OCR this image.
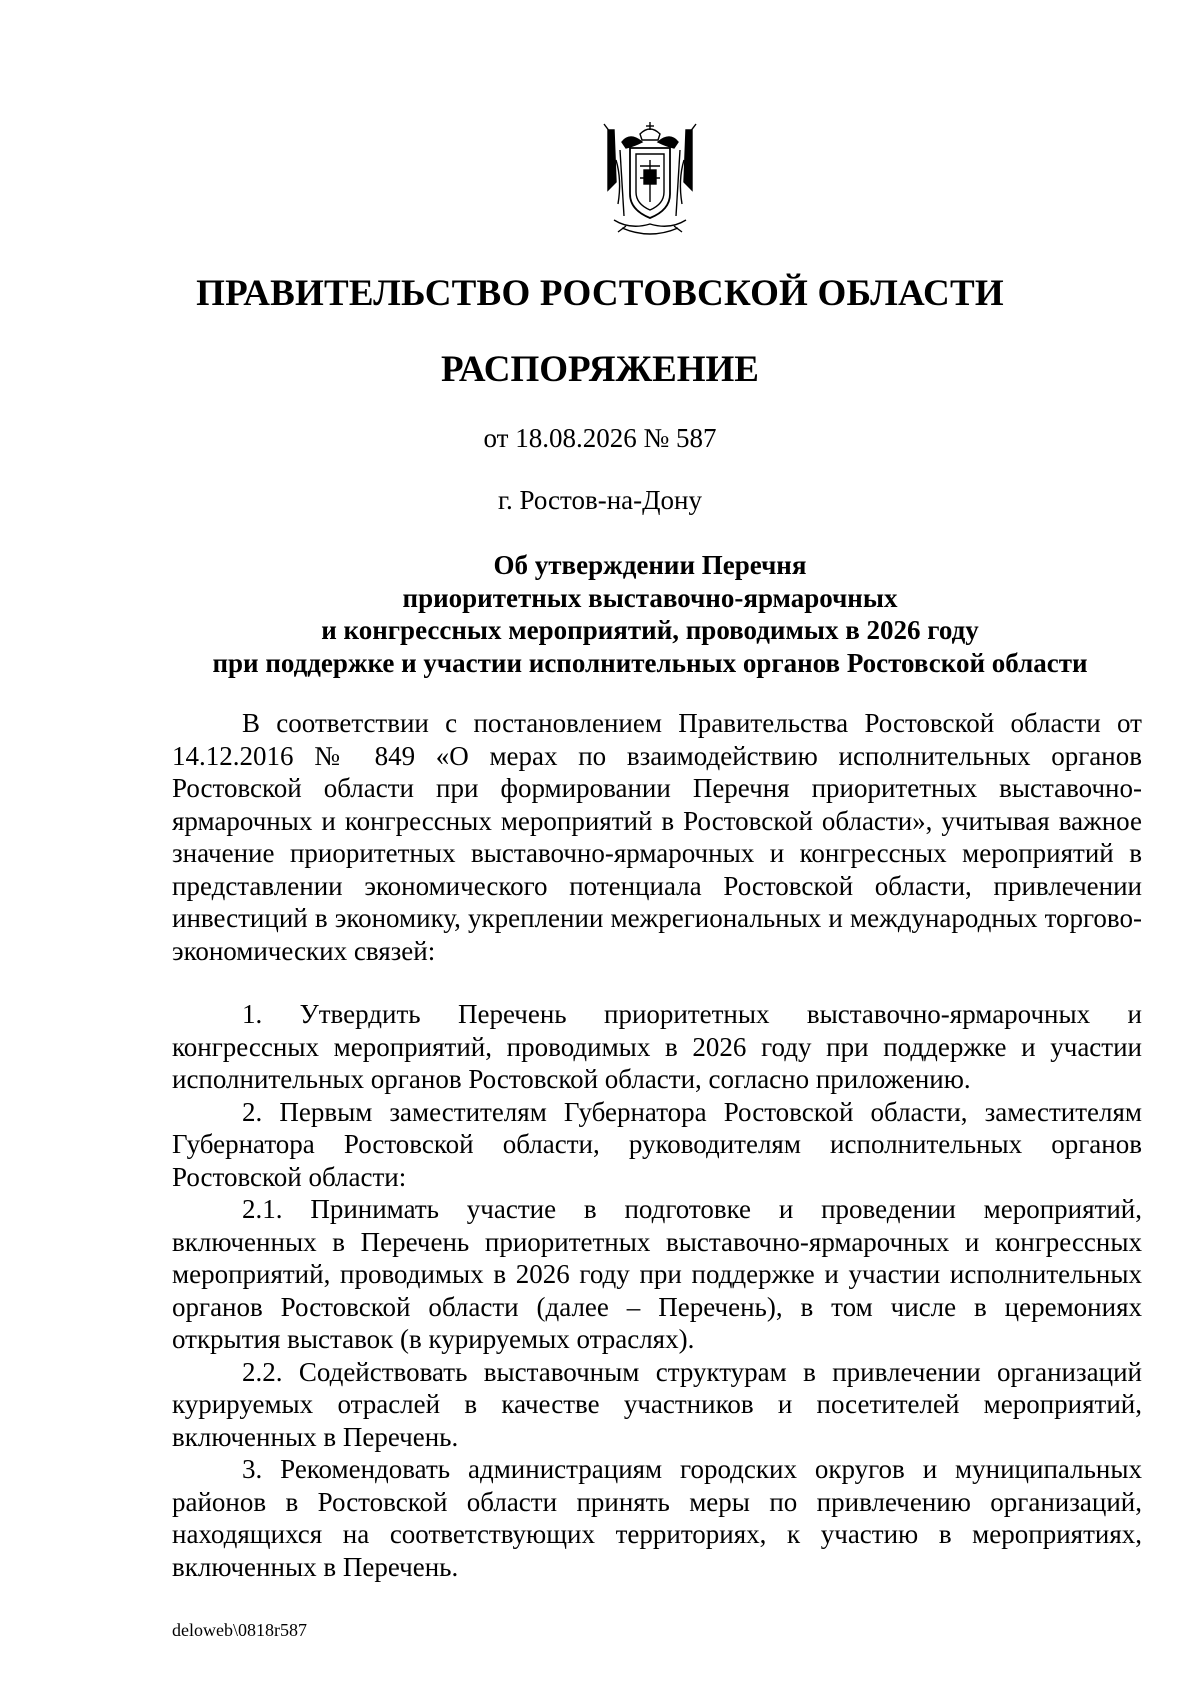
ПРАВИТЕЛЬСТВО РОСТОВСКОЙ ОБЛАСТИ
РАСПОРЯЖЕНИЕ
от 18.08.2026 № 587
г. Ростов-на-Дону
Об утверждении Перечня
приоритетных выставочно-ярмарочных
и конгрессных мероприятий, проводимых в 2026 году
при поддержке и участии исполнительных органов Ростовской области

В соответствии с постановлением Правительства Ростовской области от 14.12.2016 № 849 «О мерах по взаимодействию исполнительных органов Ростовской области при формировании Перечня приоритетных выставочно-ярмарочных и конгрессных мероприятий в Ростовской области», учитывая важное значение приоритетных выставочно-ярмарочных и конгрессных мероприятий в представлении экономического потенциала Ростовской области, привлечении инвестиций в экономику, укреплении межрегиональных и международных торгово-экономических связей:

1. Утвердить Перечень приоритетных выставочно-ярмарочных и конгрессных мероприятий, проводимых в 2026 году при поддержке и участии исполнительных органов Ростовской области, согласно приложению.

2. Первым заместителям Губернатора Ростовской области, заместителям Губернатора Ростовской области, руководителям исполнительных органов Ростовской области:

2.1. Принимать участие в подготовке и проведении мероприятий, включенных в Перечень приоритетных выставочно-ярмарочных и конгрессных мероприятий, проводимых в 2026 году при поддержке и участии исполнительных органов Ростовской области (далее – Перечень), в том числе в церемониях открытия выставок (в курируемых отраслях).

2.2. Содействовать выставочным структурам в привлечении организаций курируемых отраслей в качестве участников и посетителей мероприятий, включенных в Перечень.

3. Рекомендовать администрациям городских округов и муниципальных районов в Ростовской области принять меры по привлечению организаций, находящихся на соответствующих территориях, к участию в мероприятиях, включенных в Перечень.

deloweb\0818r587
